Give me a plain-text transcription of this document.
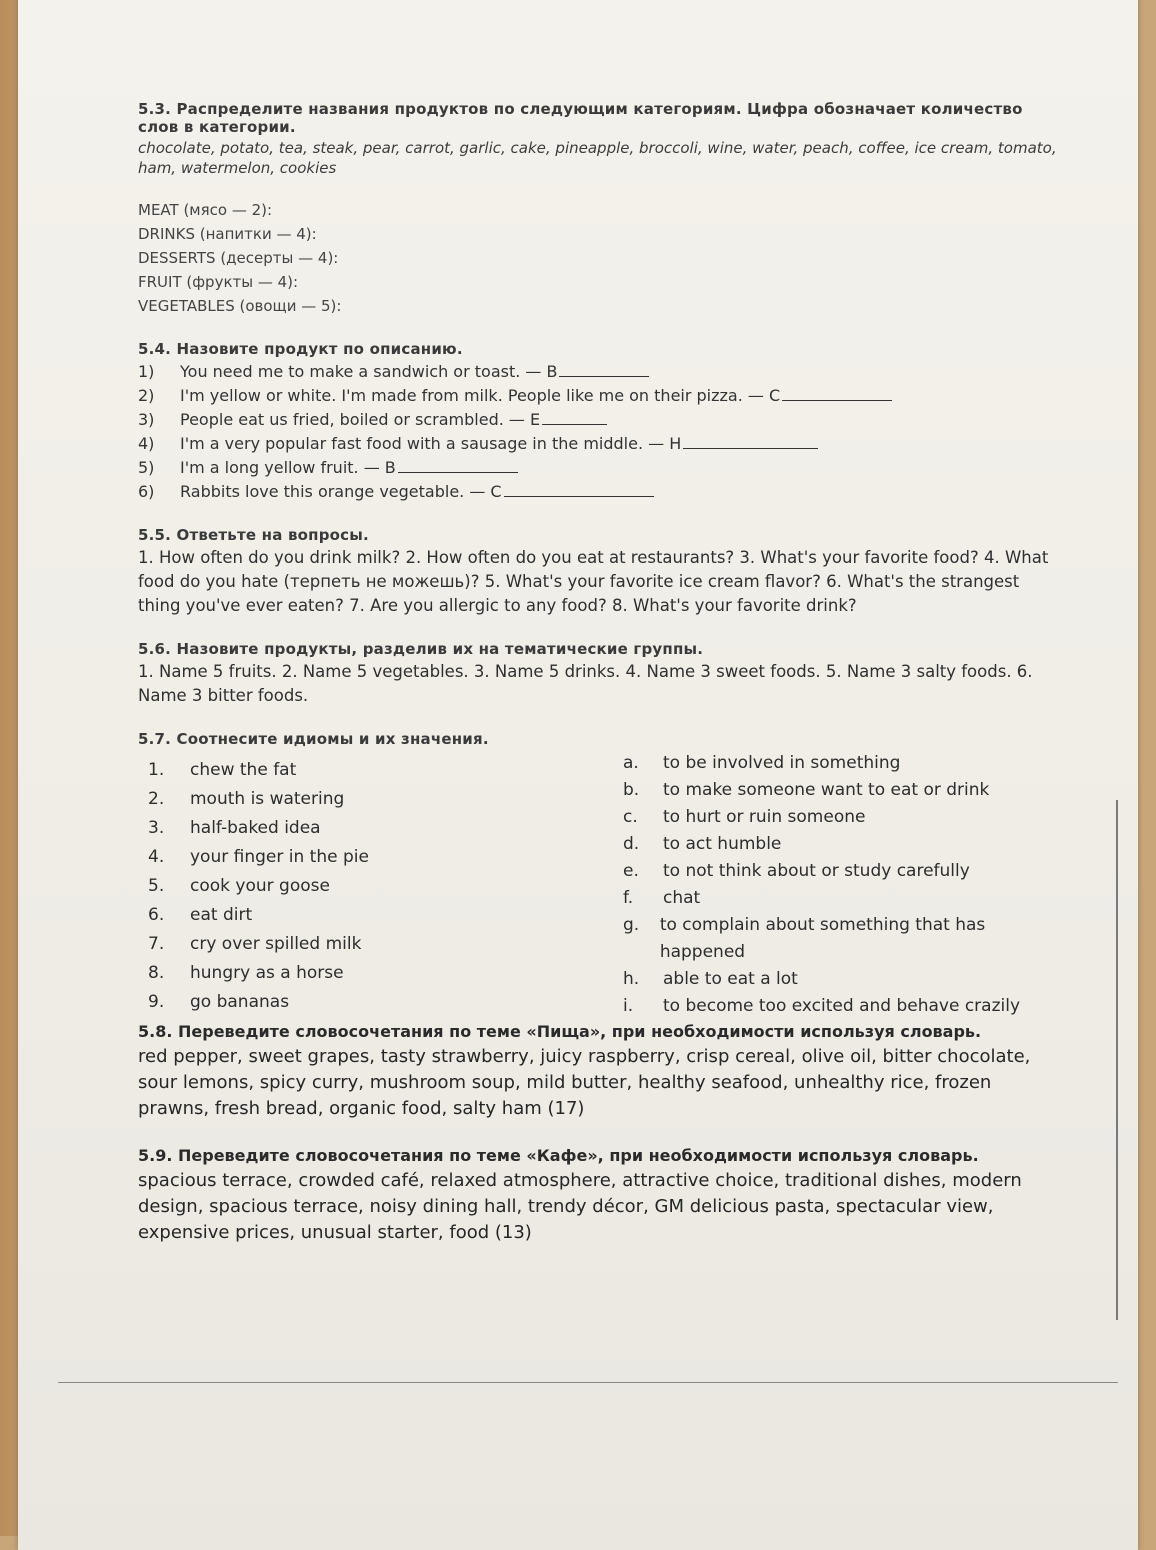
5.3. Распределите названия продуктов по следующим категориям. Цифра обозначает количество слов в категории.
chocolate, potato, tea, steak, pear, carrot, garlic, cake, pineapple, broccoli, wine, water, peach, coffee, ice cream, tomato, ham, watermelon, cookies
MEAT (мясо — 2):
DRINKS (напитки — 4):
DESSERTS (десерты — 4):
FRUIT (фрукты — 4):
VEGETABLES (овощи — 5):
5.4. Назовите продукт по описанию.
1)	You need me to make a sandwich or toast. — B
2)	I'm yellow or white. I'm made from milk. People like me on their pizza. — C
3)	People eat us fried, boiled or scrambled. — E
4)	I'm a very popular fast food with a sausage in the middle. — H
5)	I'm a long yellow fruit. — B
6)	Rabbits love this orange vegetable. — C
5.5. Ответьте на вопросы.
1. How often do you drink milk? 2. How often do you eat at restaurants? 3. What's your favorite food? 4. What food do you hate (терпеть не можешь)? 5. What's your favorite ice cream flavor? 6. What's the strangest thing you've ever eaten? 7. Are you allergic to any food? 8. What's your favorite drink?
5.6. Назовите продукты, разделив их на тематические группы.
1. Name 5 fruits. 2. Name 5 vegetables. 3. Name 5 drinks. 4. Name 3 sweet foods. 5. Name 3 salty foods. 6. Name 3 bitter foods.
5.7. Соотнесите идиомы и их значения.
1.	chew the fat
2.	mouth is watering
3.	half-baked idea
4.	your finger in the pie
5.	cook your goose
6.	eat dirt
7.	cry over spilled milk
8.	hungry as a horse
9.	go bananas
a.	to be involved in something
b.	to make someone want to eat or drink
c.	to hurt or ruin someone
d.	to act humble
e.	to not think about or study carefully
f.	chat
g.	to complain about something that has happened
h.	able to eat a lot
i.	to become too excited and behave crazily
5.8. Переведите словосочетания по теме «Пища», при необходимости используя словарь.
red pepper, sweet grapes, tasty strawberry, juicy raspberry, crisp cereal, olive oil, bitter chocolate, sour lemons, spicy curry, mushroom soup, mild butter, healthy seafood, unhealthy rice, frozen prawns, fresh bread, organic food, salty ham (17)
5.9. Переведите словосочетания по теме «Кафе», при необходимости используя словарь.
spacious terrace, crowded café, relaxed atmosphere, attractive choice, traditional dishes, modern design, spacious terrace, noisy dining hall, trendy décor, GM delicious pasta, spectacular view, expensive prices, unusual starter, food (13)
